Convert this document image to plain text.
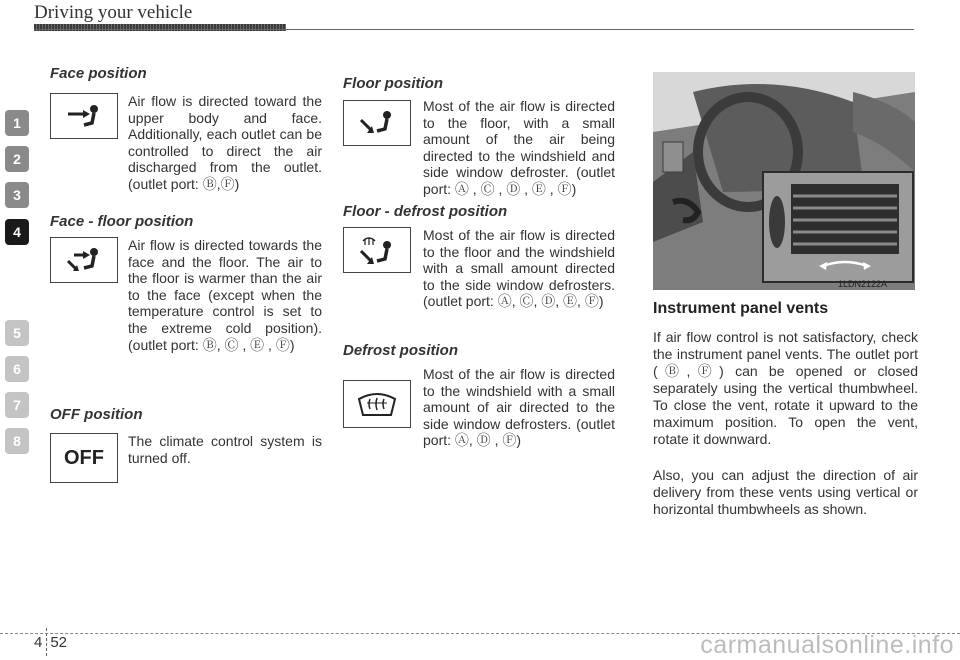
Driving your vehicle
1
2
3
4
5
6
7
8

Face position

Air flow is directed toward the upper body and face. Additionally, each outlet can be controlled to direct the air discharged from the outlet. (outlet port: Ⓑ,Ⓕ)

Face - floor position

Air flow is directed towards the face and the floor. The air to the floor is warmer than the air to the face (except when the temperature control is set to the extreme cold position). (outlet port: Ⓑ, Ⓒ , Ⓔ , Ⓕ)

OFF position

OFF
The climate control system is turned off.

Floor position

Most of the air flow is directed to the floor, with a small amount of the air being directed to the windshield and side window defroster. (outlet port: Ⓐ , Ⓒ , Ⓓ , Ⓔ , Ⓕ)

Floor - defrost position

Most of the air flow is directed to the floor and the windshield with a small amount directed to the side window defrosters. (outlet port: Ⓐ, Ⓒ, Ⓓ, Ⓔ, Ⓕ)

Defrost position

Most of the air flow is directed to the windshield with a small amount of air directed to the side window defrosters. (outlet port: Ⓐ, Ⓓ , Ⓕ)
1LDN2122A

Instrument panel vents

If air flow control is not satisfactory, check the instrument panel vents. The outlet port (Ⓑ,Ⓕ) can be opened or closed separately using the vertical thumbwheel. To close the vent, rotate it upward to the maximum position. To open the vent, rotate it downward.
Also, you can adjust the direction of air delivery from these vents using vertical or horizontal thumbwheels as shown.
4 52	carmanualsonline.info
